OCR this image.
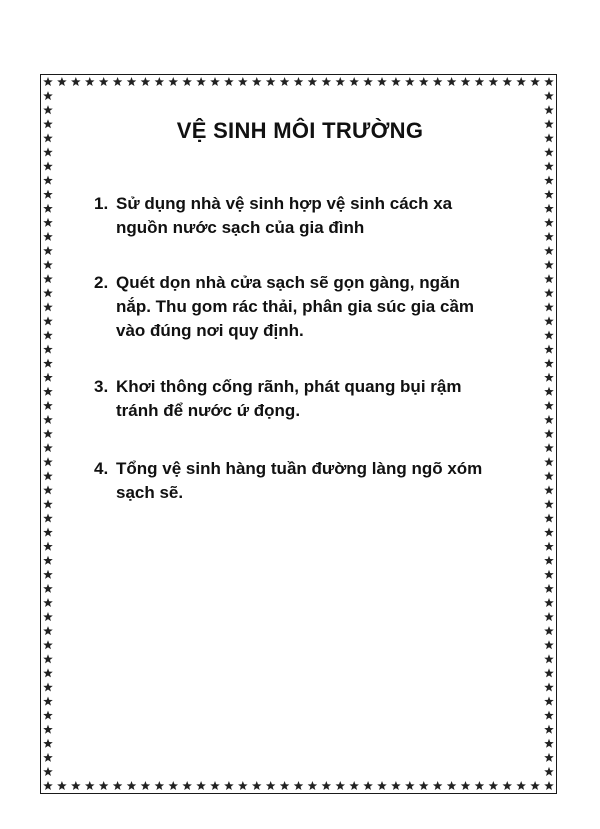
VỆ SINH MÔI TRƯỜNG
1. Sử dụng nhà vệ sinh hợp vệ sinh cách xa
nguồn nước sạch của gia đình
2. Quét dọn nhà cửa sạch sẽ gọn gàng, ngăn
nắp. Thu gom rác thải, phân gia súc gia cầm
vào đúng nơi quy định.
3. Khơi thông cống rãnh, phát quang bụi rậm
tránh để nước ứ đọng.
4. Tổng vệ sinh hàng tuần đường làng ngõ xóm
sạch sẽ.
